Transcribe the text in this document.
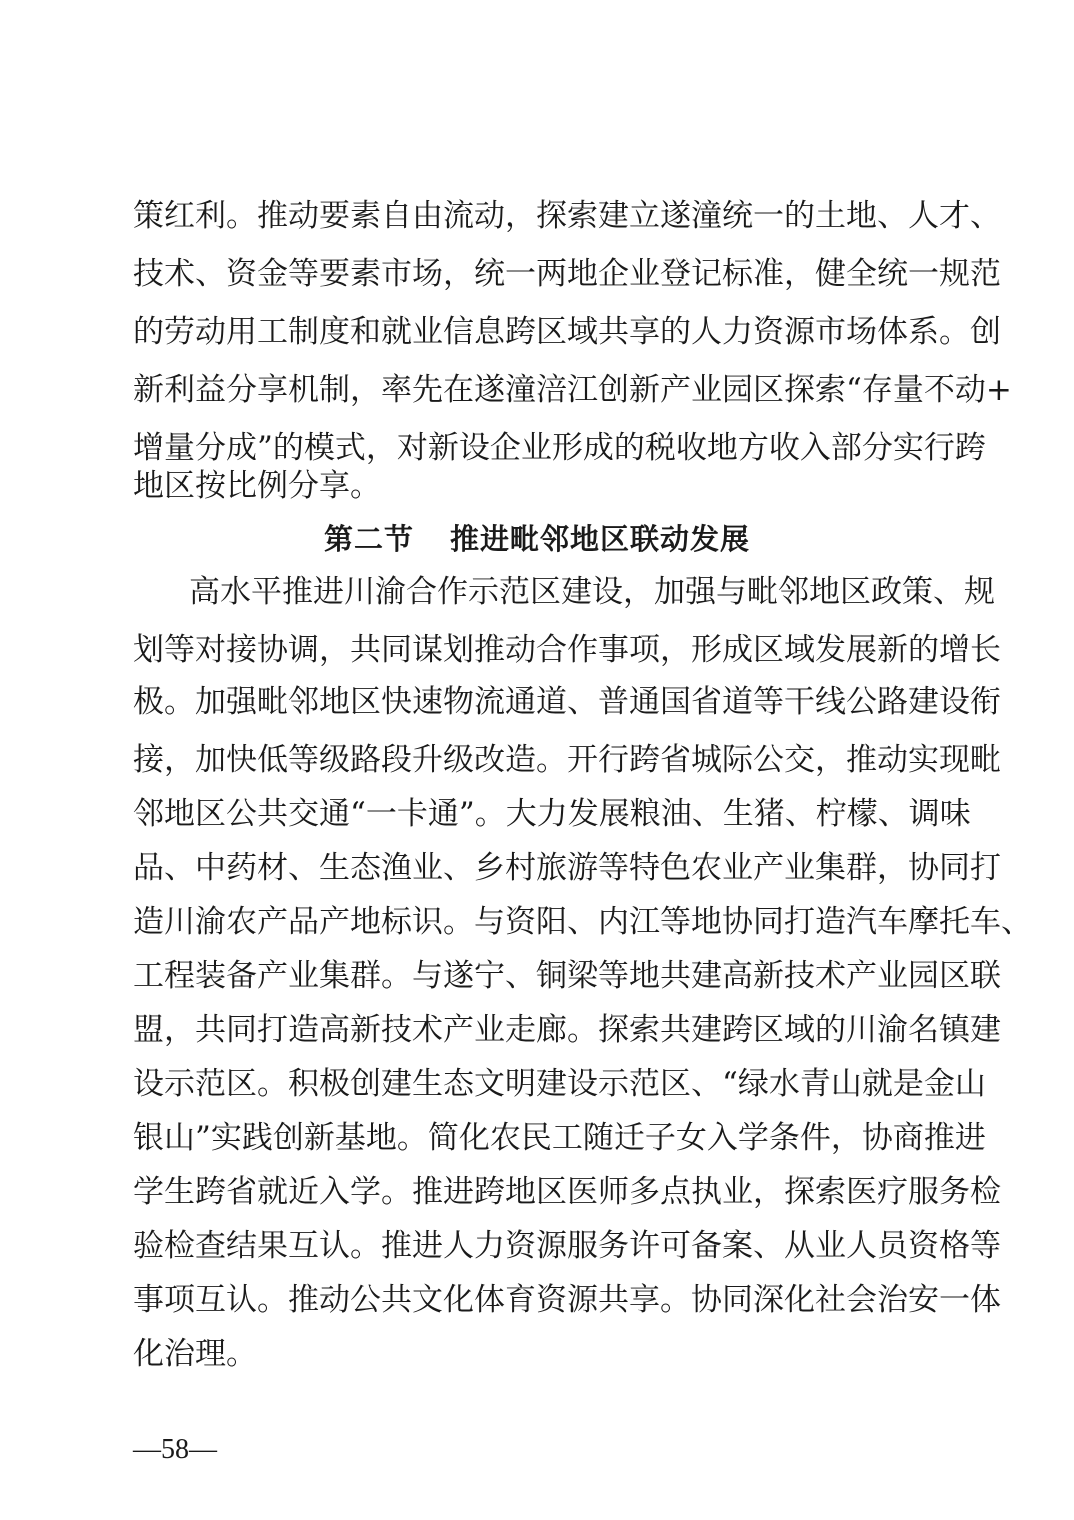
策红利。推动要素自由流动，探索建立遂潼统一的土地、人才、
技术、资金等要素市场，统一两地企业登记标准，健全统一规范
的劳动用工制度和就业信息跨区域共享的人力资源市场体系。创
新利益分享机制，率先在遂潼涪江创新产业园区探索“存量不动+
增量分成”的模式，对新设企业形成的税收地方收入部分实行跨
地区按比例分享。
第二节 推进毗邻地区联动发展
高水平推进川渝合作示范区建设，加强与毗邻地区政策、规
划等对接协调，共同谋划推动合作事项，形成区域发展新的增长
极。加强毗邻地区快速物流通道、普通国省道等干线公路建设衔
接，加快低等级路段升级改造。开行跨省城际公交，推动实现毗
邻地区公共交通“一卡通”。大力发展粮油、生猪、柠檬、调味
品、中药材、生态渔业、乡村旅游等特色农业产业集群，协同打
造川渝农产品产地标识。与资阳、内江等地协同打造汽车摩托车、
工程装备产业集群。与遂宁、铜梁等地共建高新技术产业园区联
盟，共同打造高新技术产业走廊。探索共建跨区域的川渝名镇建
设示范区。积极创建生态文明建设示范区、“绿水青山就是金山
银山”实践创新基地。简化农民工随迁子女入学条件，协商推进
学生跨省就近入学。推进跨地区医师多点执业，探索医疗服务检
验检查结果互认。推进人力资源服务许可备案、从业人员资格等
事项互认。推动公共文化体育资源共享。协同深化社会治安一体
化治理。
—58—
